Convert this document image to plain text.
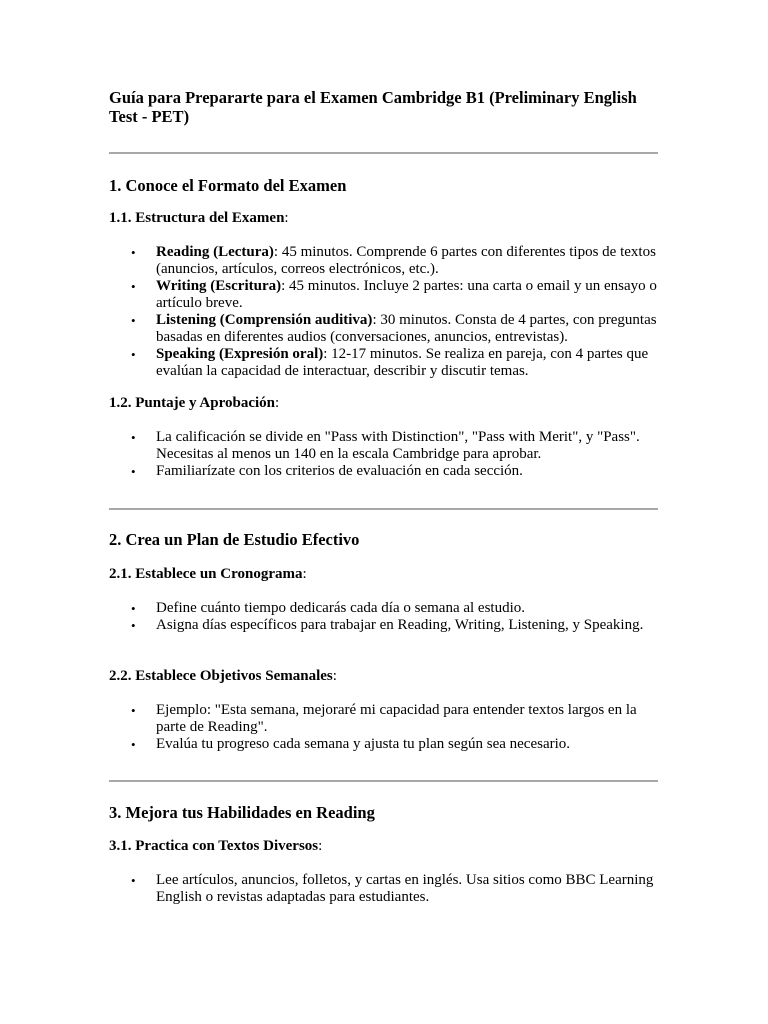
Guía para Prepararte para el Examen Cambridge B1 (Preliminary English Test - PET)
1. Conoce el Formato del Examen

1.1. Estructura del Examen:

• Reading (Lectura): 45 minutos. Comprende 6 partes con diferentes tipos de textos (anuncios, artículos, correos electrónicos, etc.).
• Writing (Escritura): 45 minutos. Incluye 2 partes: una carta o email y un ensayo o artículo breve.
• Listening (Comprensión auditiva): 30 minutos. Consta de 4 partes, con preguntas basadas en diferentes audios (conversaciones, anuncios, entrevistas).
• Speaking (Expresión oral): 12-17 minutos. Se realiza en pareja, con 4 partes que evalúan la capacidad de interactuar, describir y discutir temas.

1.2. Puntaje y Aprobación:

• La calificación se divide en "Pass with Distinction", "Pass with Merit", y "Pass". Necesitas al menos un 140 en la escala Cambridge para aprobar.
• Familiarízate con los criterios de evaluación en cada sección.
2. Crea un Plan de Estudio Efectivo

2.1. Establece un Cronograma:

• Define cuánto tiempo dedicarás cada día o semana al estudio.
• Asigna días específicos para trabajar en Reading, Writing, Listening, y Speaking.

2.2. Establece Objetivos Semanales:

• Ejemplo: "Esta semana, mejoraré mi capacidad para entender textos largos en la parte de Reading".
• Evalúa tu progreso cada semana y ajusta tu plan según sea necesario.
3. Mejora tus Habilidades en Reading

3.1. Practica con Textos Diversos:

• Lee artículos, anuncios, folletos, y cartas en inglés. Usa sitios como BBC Learning English o revistas adaptadas para estudiantes.
